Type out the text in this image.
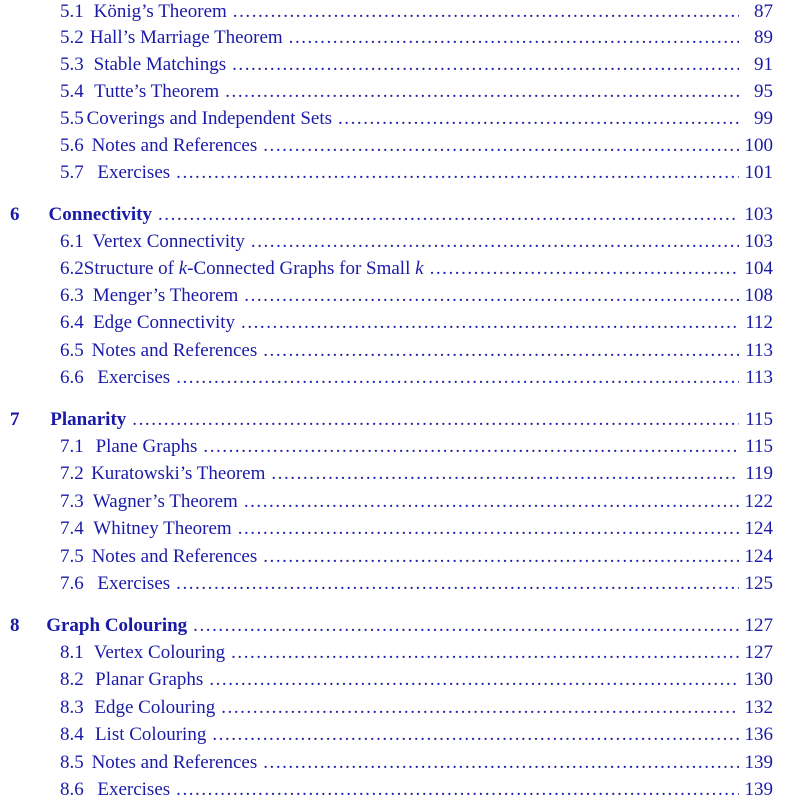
5.1 König’s Theorem . . .	87
5.2 Hall’s Marriage Theorem . . .	89
5.3 Stable Matchings . . .	91
5.4 Tutte’s Theorem . . .	95
5.5 Coverings and Independent Sets . . .	99
5.6 Notes and References . . .	100
5.7 Exercises . . .	101
6	Connectivity . . .	103
6.1 Vertex Connectivity . . .	103
6.2 Structure of k-Connected Graphs for Small k . . .	104
6.3 Menger’s Theorem . . .	108
6.4 Edge Connectivity . . .	112
6.5 Notes and References . . .	113
6.6 Exercises . . .	113
7	Planarity . . .	115
7.1 Plane Graphs . . .	115
7.2 Kuratowski’s Theorem . . .	119
7.3 Wagner’s Theorem . . .	122
7.4 Whitney Theorem . . .	124
7.5 Notes and References . . .	124
7.6 Exercises . . .	125
8	Graph Colouring . . .	127
8.1 Vertex Colouring . . .	127
8.2 Planar Graphs . . .	130
8.3 Edge Colouring . . .	132
8.4 List Colouring . . .	136
8.5 Notes and References . . .	139
8.6 Exercises . . .	139
